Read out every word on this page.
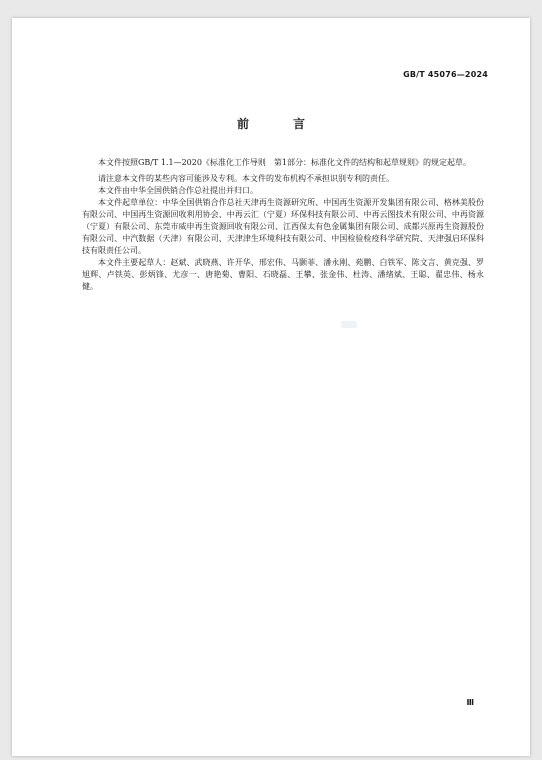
GB/T 45076—2024
前　言

本文件按照GB/T 1.1—2020《标准化工作导则　第1部分：标准化文件的结构和起草规则》的规定起草。

请注意本文件的某些内容可能涉及专利。本文件的发布机构不承担识别专利的责任。

本文件由中华全国供销合作总社提出并归口。

本文件起草单位：中华全国供销合作总社天津再生资源研究所、中国再生资源开发集团有限公司、格林美股份有限公司、中国再生资源回收利用协会、中再云汇（宁夏）环保科技有限公司、中再云图技术有限公司、中再资源（宁夏）有限公司、东莞市威申再生资源回收有限公司、江西保太有色金属集团有限公司、成都兴原再生资源股份有限公司、中汽数据（天津）有限公司、天津津生环境科技有限公司、中国检验检疫科学研究院、天津强启环保科技有限责任公司。

本文件主要起草人：赵斌、武晓燕、许开华、邢宏伟、马颢菲、潘永刚、苑鹏、白铁军、陈文言、黄克强、罗旭辉、卢铁英、彭炳锋、尤彦一、唐艳菊、曹阳、石晓磊、王攀、张金伟、杜涛、潘绪斌、王聪、翟忠伟、杨永健。

Ⅲ
